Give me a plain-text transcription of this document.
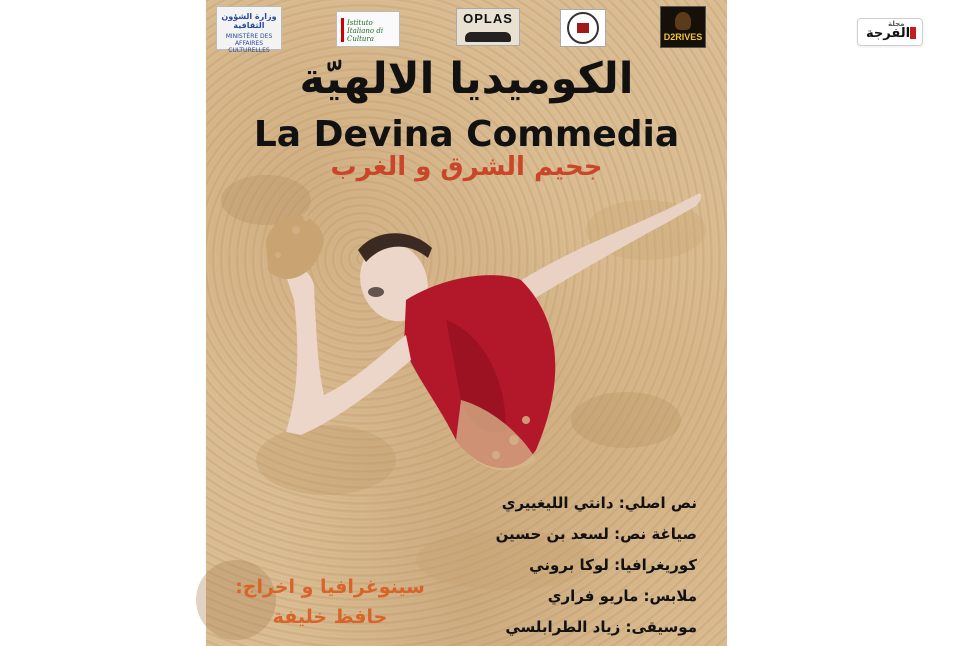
وزارة الشؤون الثقافية
MINISTÈRE DES AFFAIRES CULTURELLES
Istituto Italiano di Cultura
OPLAS
D2RIVES
الكوميديا الالهيّة
La Devina Commedia
جحيم الشرق و الغرب
نص اصلي: دانتي الليغييري
صياغة نص: لسعد بن حسين
كوريغرافيا: لوكا بروني
ملابس: ماريو فراري
موسيقى: زياد الطرابلسي
سينوغرافيا و اخراج:
حافظ خليفة
مجلة
الفرجة
